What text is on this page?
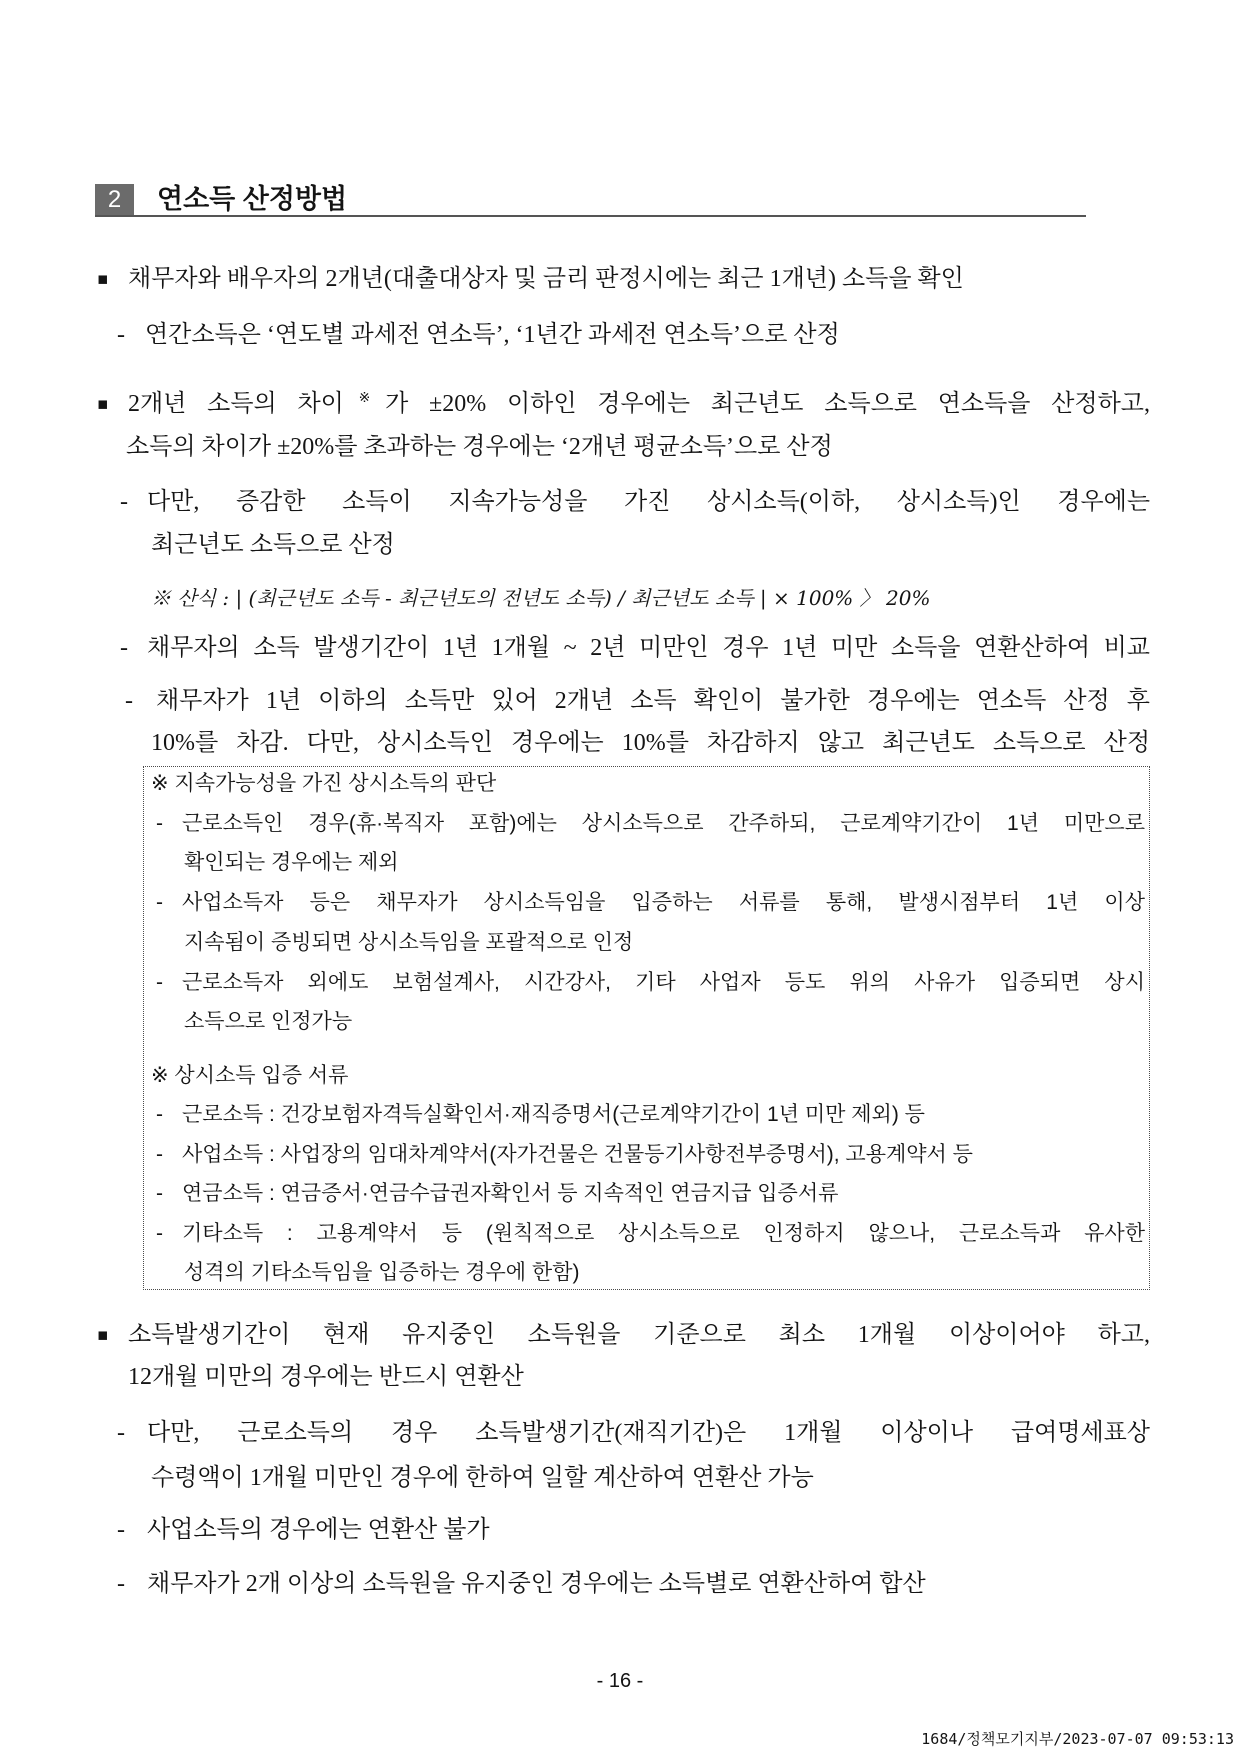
2	연소득 산정방법
▪ 채무자와 배우자의 2개년(대출대상자 및 금리 판정시에는 최근 1개년) 소득을 확인
- 연간소득은 ‘연도별 과세전 연소득’, ‘1년간 과세전 연소득’으로 산정
▪ 2개년 소득의 차이※가 ±20% 이하인 경우에는 최근년도 소득으로 연소득을 산정하고,
소득의 차이가 ±20%를 초과하는 경우에는 ‘2개년 평균소득’으로 산정
- 다만, 증감한 소득이 지속가능성을 가진 상시소득(이하, 상시소득)인 경우에는
최근년도 소득으로 산정
※ 산식 : | (최근년도 소득 - 최근년도의 전년도 소득) / 최근년도 소득 | × 100% 〉 20%
- 채무자의 소득 발생기간이 1년 1개월 ~ 2년 미만인 경우 1년 미만 소득을 연환산하여 비교
- 채무자가 1년 이하의 소득만 있어 2개년 소득 확인이 불가한 경우에는 연소득 산정 후
10%를 차감. 다만, 상시소득인 경우에는 10%를 차감하지 않고 최근년도 소득으로 산정
※ 지속가능성을 가진 상시소득의 판단
- 근로소득인 경우(휴·복직자 포함)에는 상시소득으로 간주하되, 근로계약기간이 1년 미만으로
확인되는 경우에는 제외
- 사업소득자 등은 채무자가 상시소득임을 입증하는 서류를 통해, 발생시점부터 1년 이상
지속됨이 증빙되면 상시소득임을 포괄적으로 인정
- 근로소득자 외에도 보험설계사, 시간강사, 기타 사업자 등도 위의 사유가 입증되면 상시
소득으로 인정가능
※ 상시소득 입증 서류
- 근로소득 : 건강보험자격득실확인서·재직증명서(근로계약기간이 1년 미만 제외) 등
- 사업소득 : 사업장의 임대차계약서(자가건물은 건물등기사항전부증명서), 고용계약서 등
- 연금소득 : 연금증서·연금수급권자확인서 등 지속적인 연금지급 입증서류
- 기타소득 : 고용계약서 등 (원칙적으로 상시소득으로 인정하지 않으나, 근로소득과 유사한
성격의 기타소득임을 입증하는 경우에 한함)
▪ 소득발생기간이 현재 유지중인 소득원을 기준으로 최소 1개월 이상이어야 하고,
12개월 미만의 경우에는 반드시 연환산
- 다만, 근로소득의 경우 소득발생기간(재직기간)은 1개월 이상이나 급여명세표상
수령액이 1개월 미만인 경우에 한하여 일할 계산하여 연환산 가능
- 사업소득의 경우에는 연환산 불가
- 채무자가 2개 이상의 소득원을 유지중인 경우에는 소득별로 연환산하여 합산
- 16 -
1684/정책모기지부/2023-07-07 09:53:13
